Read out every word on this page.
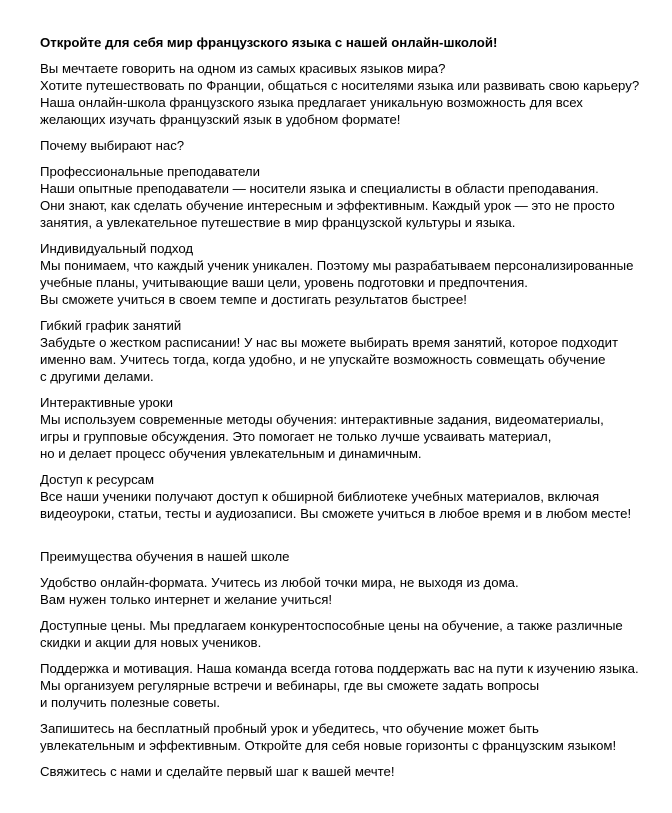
Откройте для себя мир французского языка с нашей онлайн-школой!
Вы мечтаете говорить на одном из самых красивых языков мира?
Хотите путешествовать по Франции, общаться с носителями языка или развивать свою карьеру?
Наша онлайн-школа французского языка предлагает уникальную возможность для всех
желающих изучать французский язык в удобном формате!
Почему выбирают нас?
Профессиональные преподаватели
Наши опытные преподаватели — носители языка и специалисты в области преподавания.
Они знают, как сделать обучение интересным и эффективным. Каждый урок — это не просто
занятия, а увлекательное путешествие в мир французской культуры и языка.
Индивидуальный подход
Мы понимаем, что каждый ученик уникален. Поэтому мы разрабатываем персонализированные
учебные планы, учитывающие ваши цели, уровень подготовки и предпочтения.
Вы сможете учиться в своем темпе и достигать результатов быстрее!
Гибкий график занятий
Забудьте о жестком расписании! У нас вы можете выбирать время занятий, которое подходит
именно вам. Учитесь тогда, когда удобно, и не упускайте возможность совмещать обучение
с другими делами.
Интерактивные уроки
Мы используем современные методы обучения: интерактивные задания, видеоматериалы,
игры и групповые обсуждения. Это помогает не только лучше усваивать материал,
но и делает процесс обучения увлекательным и динамичным.
Доступ к ресурсам
Все наши ученики получают доступ к обширной библиотеке учебных материалов, включая
видеоуроки, статьи, тесты и аудиозаписи. Вы сможете учиться в любое время и в любом месте!
Преимущества обучения в нашей школе
Удобство онлайн-формата. Учитесь из любой точки мира, не выходя из дома.
Вам нужен только интернет и желание учиться!
Доступные цены. Мы предлагаем конкурентоспособные цены на обучение, а также различные
скидки и акции для новых учеников.
Поддержка и мотивация. Наша команда всегда готова поддержать вас на пути к изучению языка.
Мы организуем регулярные встречи и вебинары, где вы сможете задать вопросы
и получить полезные советы.
Запишитесь на бесплатный пробный урок и убедитесь, что обучение может быть
увлекательным и эффективным. Откройте для себя новые горизонты с французским языком!
Свяжитесь с нами и сделайте первый шаг к вашей мечте!
